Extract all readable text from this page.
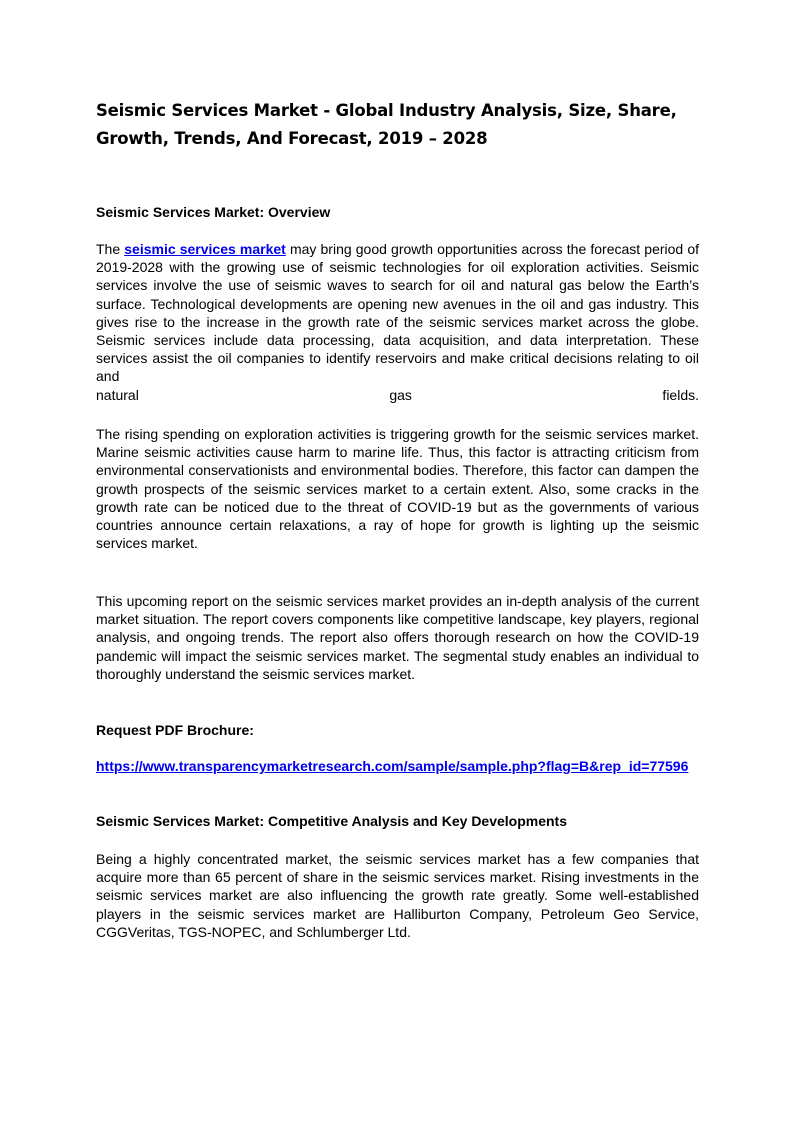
Seismic Services Market - Global Industry Analysis, Size, Share, Growth, Trends, And Forecast, 2019 – 2028
Seismic Services Market: Overview
The seismic services market may bring good growth opportunities across the forecast period of 2019-2028 with the growing use of seismic technologies for oil exploration activities. Seismic services involve the use of seismic waves to search for oil and natural gas below the Earth’s surface. Technological developments are opening new avenues in the oil and gas industry. This gives rise to the increase in the growth rate of the seismic services market across the globe. Seismic services include data processing, data acquisition, and data interpretation. These services assist the oil companies to identify reservoirs and make critical decisions relating to oil and
natural gas fields.
The rising spending on exploration activities is triggering growth for the seismic services market. Marine seismic activities cause harm to marine life. Thus, this factor is attracting criticism from environmental conservationists and environmental bodies. Therefore, this factor can dampen the growth prospects of the seismic services market to a certain extent. Also, some cracks in the growth rate can be noticed due to the threat of COVID-19 but as the governments of various countries announce certain relaxations, a ray of hope for growth is lighting up the seismic services market.
This upcoming report on the seismic services market provides an in-depth analysis of the current market situation. The report covers components like competitive landscape, key players, regional analysis, and ongoing trends. The report also offers thorough research on how the COVID-19 pandemic will impact the seismic services market. The segmental study enables an individual to thoroughly understand the seismic services market.
Request PDF Brochure:
https://www.transparencymarketresearch.com/sample/sample.php?flag=B&rep_id=77596
Seismic Services Market: Competitive Analysis and Key Developments
Being a highly concentrated market, the seismic services market has a few companies that acquire more than 65 percent of share in the seismic services market. Rising investments in the seismic services market are also influencing the growth rate greatly. Some well-established players in the seismic services market are Halliburton Company, Petroleum Geo Service, CGGVeritas, TGS-NOPEC, and Schlumberger Ltd.
